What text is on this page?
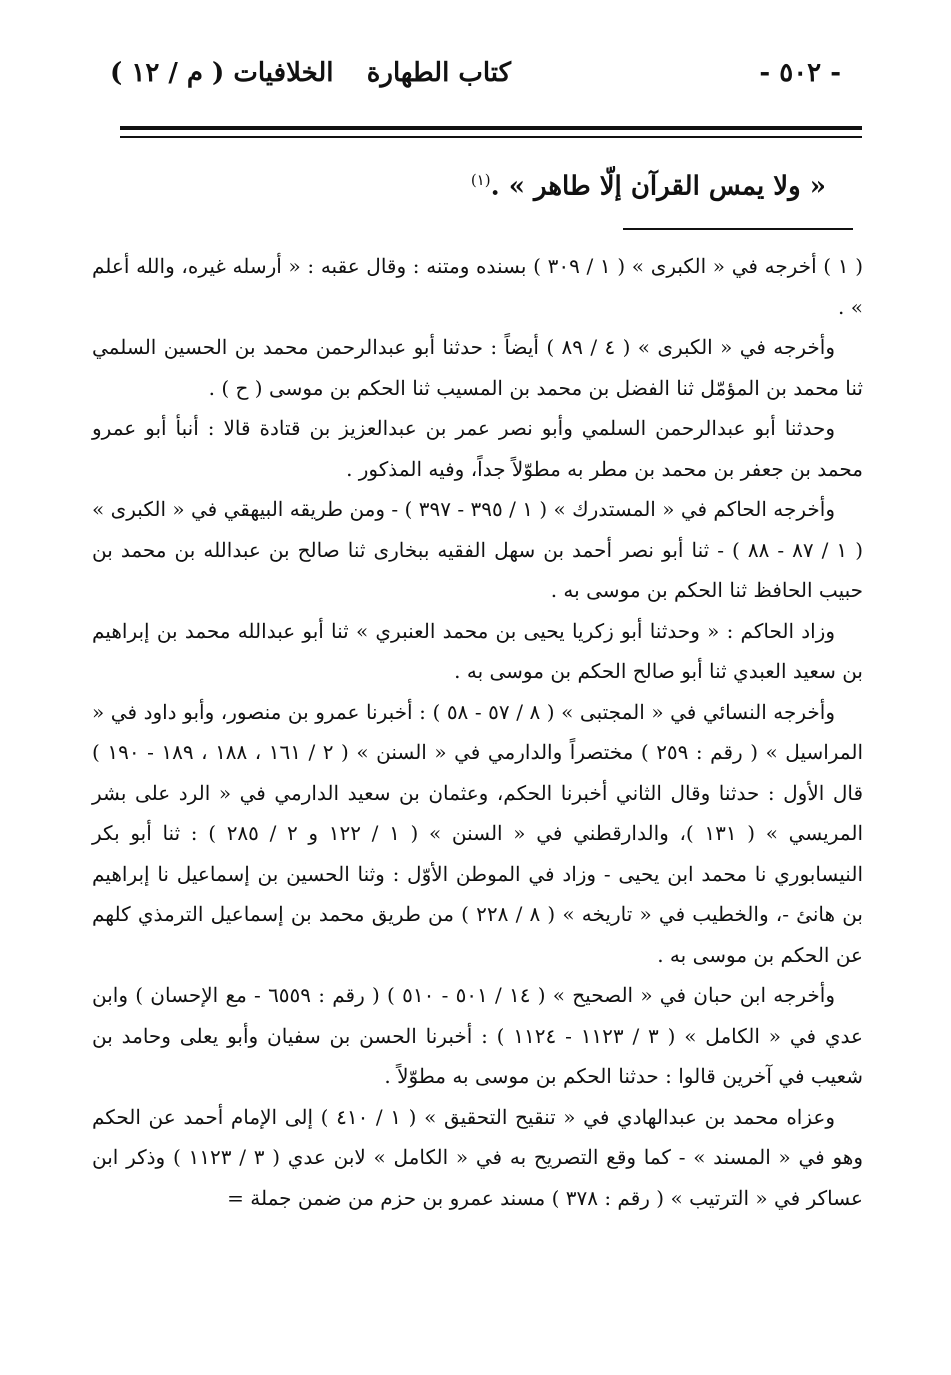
- ٥٠٢ -
كتاب الطهارة
الخلافيات ( م / ١٢ )
« ولا يمس القرآن إلّا طاهر » .$^{(١)}$

( ١ ) أخرجه في « الكبرى » ( ١ / ٣٠٩ ) بسنده ومتنه : وقال عقبه : « أرسله غيره، والله أعلم » .

وأخرجه في « الكبرى » ( ٤ / ٨٩ ) أيضاً : حدثنا أبو عبدالرحمن محمد بن الحسين السلمي ثنا محمد بن المؤمّل ثنا الفضل بن محمد بن المسيب ثنا الحكم بن موسى ( ح ) .

وحدثنا أبو عبدالرحمن السلمي وأبو نصر عمر بن عبدالعزيز بن قتادة قالا : أنبأ أبو عمرو محمد بن جعفر بن محمد بن مطر به مطوّلاً جداً، وفيه المذكور .

وأخرجه الحاكم في « المستدرك » ( ١ / ٣٩٥ - ٣٩٧ ) - ومن طريقه البيهقي في « الكبرى » ( ١ / ٨٧ - ٨٨ ) - ثنا أبو نصر أحمد بن سهل الفقيه ببخارى ثنا صالح بن عبدالله بن محمد بن حبيب الحافظ ثنا الحكم بن موسى به .

وزاد الحاكم : « وحدثنا أبو زكريا يحيى بن محمد العنبري » ثنا أبو عبدالله محمد بن إبراهيم بن سعيد العبدي ثنا أبو صالح الحكم بن موسى به .

وأخرجه النسائي في « المجتبى » ( ٨ / ٥٧ - ٥٨ ) : أخبرنا عمرو بن منصور، وأبو داود في « المراسيل » ( رقم : ٢٥٩ ) مختصراً والدارمي في « السنن » ( ٢ / ١٦١ ، ١٨٨ ، ١٨٩ - ١٩٠ ) قال الأول : حدثنا وقال الثاني أخبرنا الحكم، وعثمان بن سعيد الدارمي في « الرد على بشر المريسي » ( ١٣١ )، والدارقطني في « السنن » ( ١ / ١٢٢ و ٢ / ٢٨٥ ) : ثنا أبو بكر النيسابوري نا محمد ابن يحيى - وزاد في الموطن الأوّل : وثنا الحسين بن إسماعيل نا إبراهيم بن هانئ -، والخطيب في « تاريخه » ( ٨ / ٢٢٨ ) من طريق محمد بن إسماعيل الترمذي كلهم عن الحكم بن موسى به .

وأخرجه ابن حبان في « الصحيح » ( ١٤ / ٥٠١ - ٥١٠ ) ( رقم : ٦٥٥٩ - مع الإحسان ) وابن عدي في « الكامل » ( ٣ / ١١٢٣ - ١١٢٤ ) : أخبرنا الحسن بن سفيان وأبو يعلى وحامد بن شعيب في آخرين قالوا : حدثنا الحكم بن موسى به مطوّلاً .

وعزاه محمد بن عبدالهادي في « تنقيح التحقيق » ( ١ / ٤١٠ ) إلى الإمام أحمد عن الحكم وهو في « المسند » - كما وقع التصريح به في « الكامل » لابن عدي ( ٣ / ١١٢٣ ) وذكر ابن عساكر في « الترتيب » ( رقم : ٣٧٨ ) مسند عمرو بن حزم من ضمن جملة =
